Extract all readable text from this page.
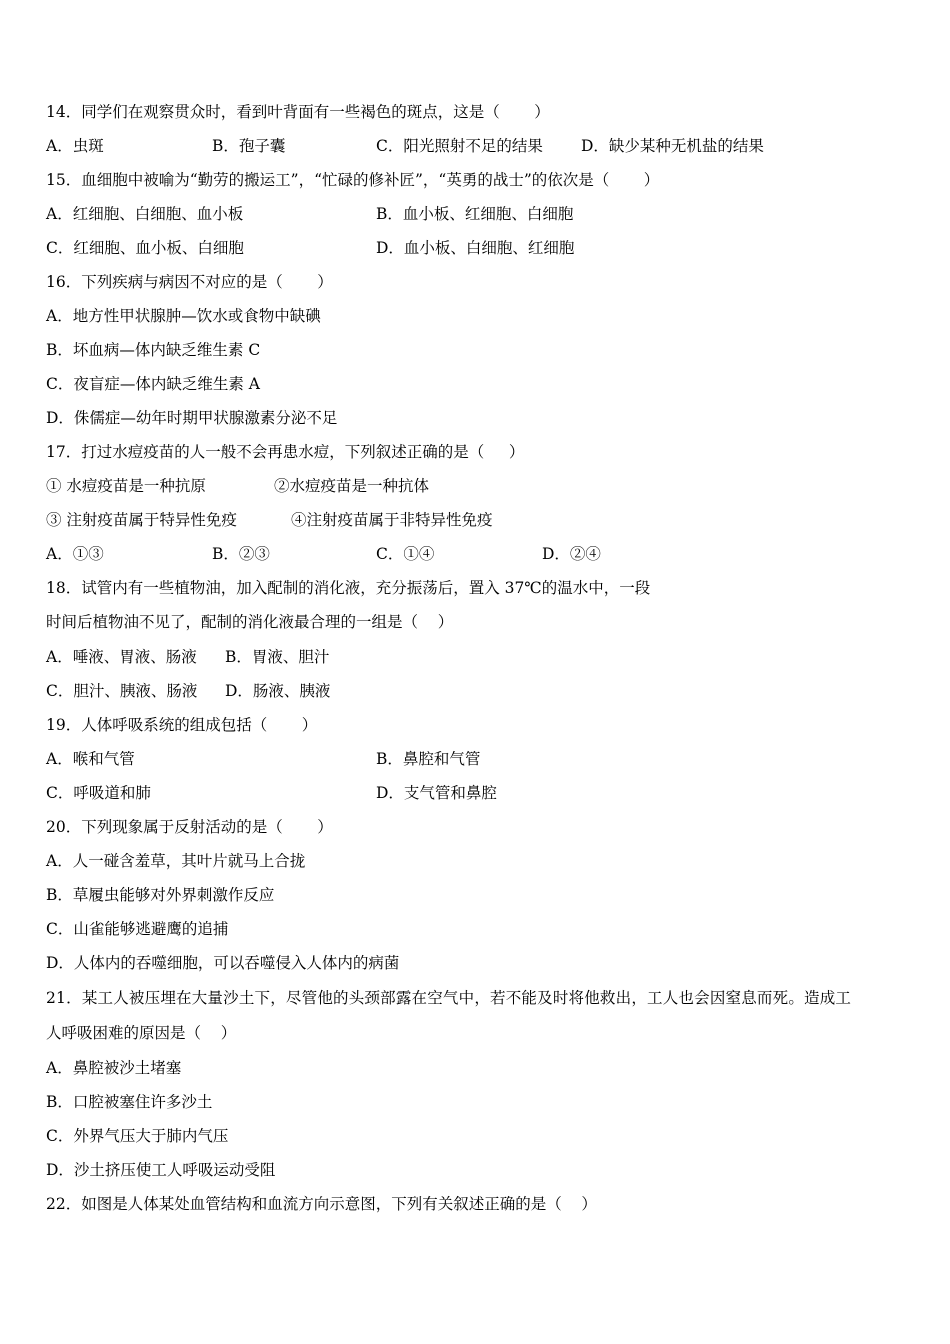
14．同学们在观察贯众时，看到叶背面有一些褐色的斑点，这是（       ）
A．虫斑	B．孢子囊	C．阳光照射不足的结果 D．缺少某种无机盐的结果
15．血细胞中被喻为“勤劳的搬运工”，“忙碌的修补匠”，“英勇的战士”的依次是（       ）
A．红细胞、白细胞、血小板	B．血小板、红细胞、白细胞
C．红细胞、血小板、白细胞	D．血小板、白细胞、红细胞
16．下列疾病与病因不对应的是（       ）
A．地方性甲状腺肿—饮水或食物中缺碘
B．坏血病—体内缺乏维生素 C
C．夜盲症—体内缺乏维生素 A
D．侏儒症—幼年时期甲状腺激素分泌不足
17．打过水痘疫苗的人一般不会再患水痘，下列叙述正确的是（     ）
① 水痘疫苗是一种抗原	②水痘疫苗是一种抗体
③ 注射疫苗属于特异性免疫	④注射疫苗属于非特异性免疫
A．①③	B．②③	C．①④	D．②④
18．试管内有一些植物油，加入配制的消化液，充分振荡后，置入 37℃的温水中，一段
时间后植物油不见了，配制的消化液最合理的一组是（    ）
A．唾液、胃液、肠液 B．胃液、胆汁
C．胆汁、胰液、肠液 D．肠液、胰液
19．人体呼吸系统的组成包括（       ）
A．喉和气管	B．鼻腔和气管
C．呼吸道和肺	D．支气管和鼻腔
20．下列现象属于反射活动的是（       ）
A．人一碰含羞草，其叶片就马上合拢
B．草履虫能够对外界刺激作反应
C．山雀能够逃避鹰的追捕
D．人体内的吞噬细胞，可以吞噬侵入人体内的病菌
21．某工人被压埋在大量沙土下，尽管他的头颈部露在空气中，若不能及时将他救出，工人也会因窒息而死。造成工
人呼吸困难的原因是（    ）
A．鼻腔被沙土堵塞
B．口腔被塞住许多沙土
C．外界气压大于肺内气压
D．沙土挤压使工人呼吸运动受阻
22．如图是人体某处血管结构和血流方向示意图，下列有关叙述正确的是（    ）
